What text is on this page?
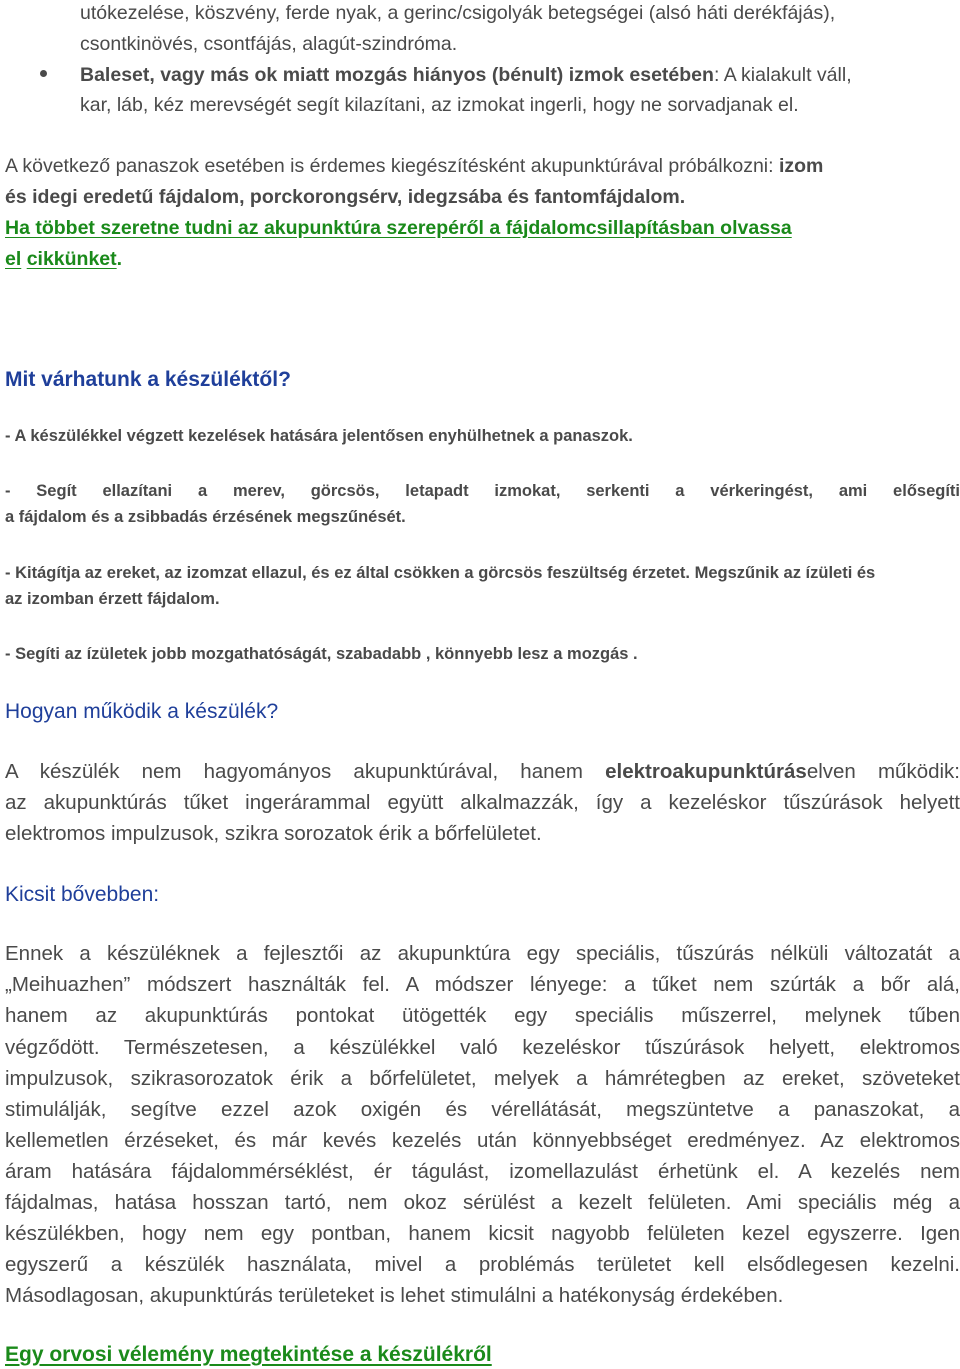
utókezelése, köszvény, ferde nyak, a gerinc/csigolyák betegségei (alsó háti derékfájás),
csontkinövés, csontfájás, alagút-szindróma.
Baleset, vagy más ok miatt mozgás hiányos (bénult) izmok esetében: A kialakult váll,
kar, láb, kéz merevségét segít kilazítani, az izmokat ingerli, hogy ne sorvadjanak el.
A következő panaszok esetében is érdemes kiegészítésként akupunktúrával próbálkozni: izom
és idegi eredetű fájdalom, porckorongsérv, idegzsába és fantomfájdalom.
Ha többet szeretne tudni az akupunktúra szerepéről a fájdalomcsillapításban olvassa
el cikkünket.
Mit várhatunk a készüléktől?
- A készülékkel végzett kezelések hatására jelentősen enyhülhetnek a panaszok.
- Segít ellazítani a merev, görcsös, letapadt izmokat, serkenti a vérkeringést, ami elősegíti
a fájdalom és a zsibbadás érzésének megszűnését.
- Kitágítja az ereket, az izomzat ellazul, és ez által csökken a görcsös feszültség érzetet. Megszűnik az ízületi és
az izomban érzett fájdalom.
- Segíti az ízületek jobb mozgathatóságát, szabadabb , könnyebb lesz a mozgás .
Hogyan működik a készülék?
A készülék nem hagyományos akupunktúrával, hanem elektroakupunktúráselven működik:
az akupunktúrás tűket ingerárammal együtt alkalmazzák, így a kezeléskor tűszúrások helyett
elektromos impulzusok, szikra sorozatok érik a bőrfelületet.
Kicsit bővebben:
Ennek a készüléknek a fejlesztői az akupunktúra egy speciális, tűszúrás nélküli változatát a
„Meihuazhen” módszert használták fel. A módszer lényege: a tűket nem szúrták a bőr alá,
hanem az akupunktúrás pontokat ütögették egy speciális műszerrel, melynek tűben
végződött. Természetesen, a készülékkel való kezeléskor tűszúrások helyett, elektromos
impulzusok, szikrasorozatok érik a bőrfelületet, melyek a hámrétegben az ereket, szöveteket
stimulálják, segítve ezzel azok oxigén és vérellátását, megszüntetve a panaszokat, a
kellemetlen érzéseket, és már kevés kezelés után könnyebbséget eredményez. Az elektromos
áram hatására fájdalommérséklést, ér tágulást, izomellazulást érhetünk el. A kezelés nem
fájdalmas, hatása hosszan tartó, nem okoz sérülést a kezelt felületen. Ami speciális még a
készülékben, hogy nem egy pontban, hanem kicsit nagyobb felületen kezel egyszerre. Igen
egyszerű a készülék használata, mivel a problémás területet kell elsődlegesen kezelni.
Másodlagosan, akupunktúrás területeket is lehet stimulálni a hatékonyság érdekében.
Egy orvosi vélemény megtekintése a készülékről
